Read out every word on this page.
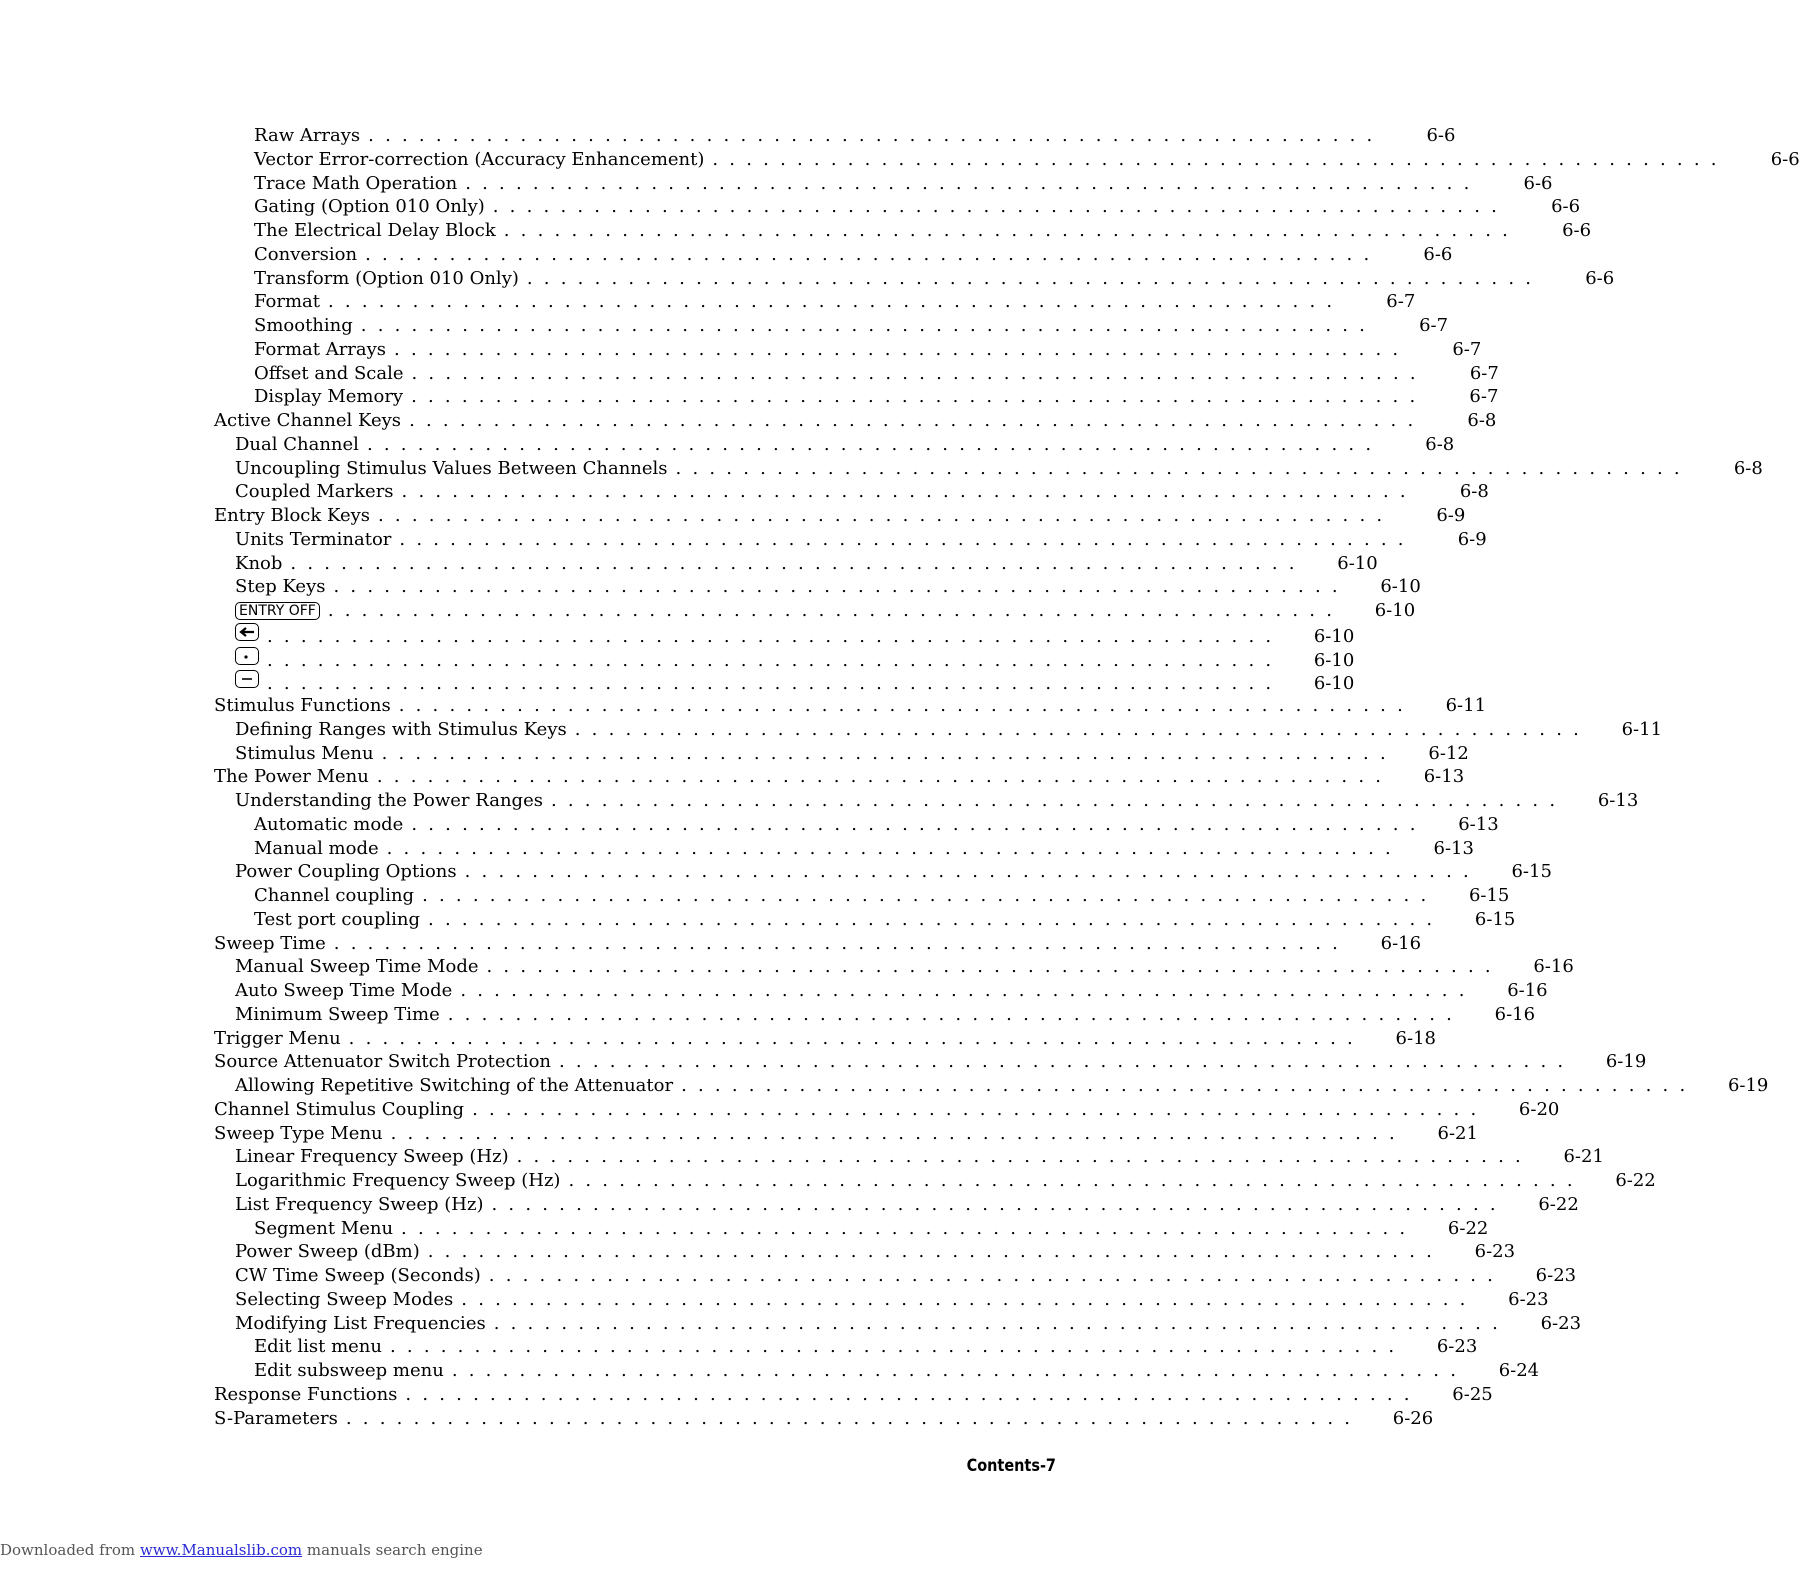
Raw Arrays ............................................................	6-6
Vector Error-correction (Accuracy Enhancement) ............................................................	6-6
Trace Math Operation ............................................................	6-6
Gating (Option 010 Only) ............................................................	6-6
The Electrical Delay Block ............................................................	6-6
Conversion ............................................................	6-6
Transform (Option 010 Only) ............................................................	6-6
Format ............................................................	6-7
Smoothing ............................................................	6-7
Format Arrays ............................................................	6-7
Offset and Scale ............................................................	6-7
Display Memory ............................................................	6-7
Active Channel Keys ............................................................	6-8
Dual Channel ............................................................	6-8
Uncoupling Stimulus Values Between Channels ............................................................	6-8
Coupled Markers ............................................................	6-8
Entry Block Keys ............................................................	6-9
Units Terminator ............................................................	6-9
Knob ............................................................ 6-10
Step Keys ............................................................ 6-10
ENTRY OFF ............................................................ 6-10
............................................................ 6-10
............................................................ 6-10
............................................................ 6-10
Stimulus Functions ............................................................ 6-11
Defining Ranges with Stimulus Keys ............................................................ 6-11
Stimulus Menu ............................................................ 6-12
The Power Menu ............................................................ 6-13
Understanding the Power Ranges ............................................................ 6-13
Automatic mode ............................................................ 6-13
Manual mode ............................................................ 6-13
Power Coupling Options ............................................................ 6-15
Channel coupling ............................................................ 6-15
Test port coupling ............................................................ 6-15
Sweep Time ............................................................ 6-16
Manual Sweep Time Mode ............................................................ 6-16
Auto Sweep Time Mode ............................................................ 6-16
Minimum Sweep Time ............................................................ 6-16
Trigger Menu ............................................................ 6-18
Source Attenuator Switch Protection ............................................................ 6-19
Allowing Repetitive Switching of the Attenuator ............................................................ 6-19
Channel Stimulus Coupling ............................................................ 6-20
Sweep Type Menu ............................................................ 6-21
Linear Frequency Sweep (Hz) ............................................................ 6-21
Logarithmic Frequency Sweep (Hz) ............................................................ 6-22
List Frequency Sweep (Hz) ............................................................ 6-22
Segment Menu ............................................................ 6-22
Power Sweep (dBm) ............................................................ 6-23
CW Time Sweep (Seconds) ............................................................ 6-23
Selecting Sweep Modes ............................................................ 6-23
Modifying List Frequencies ............................................................ 6-23
Edit list menu ............................................................ 6-23
Edit subsweep menu ............................................................ 6-24
Response Functions ............................................................ 6-25
S-Parameters ............................................................ 6-26
Contents-7
Downloaded from www.Manualslib.com manuals search engine
